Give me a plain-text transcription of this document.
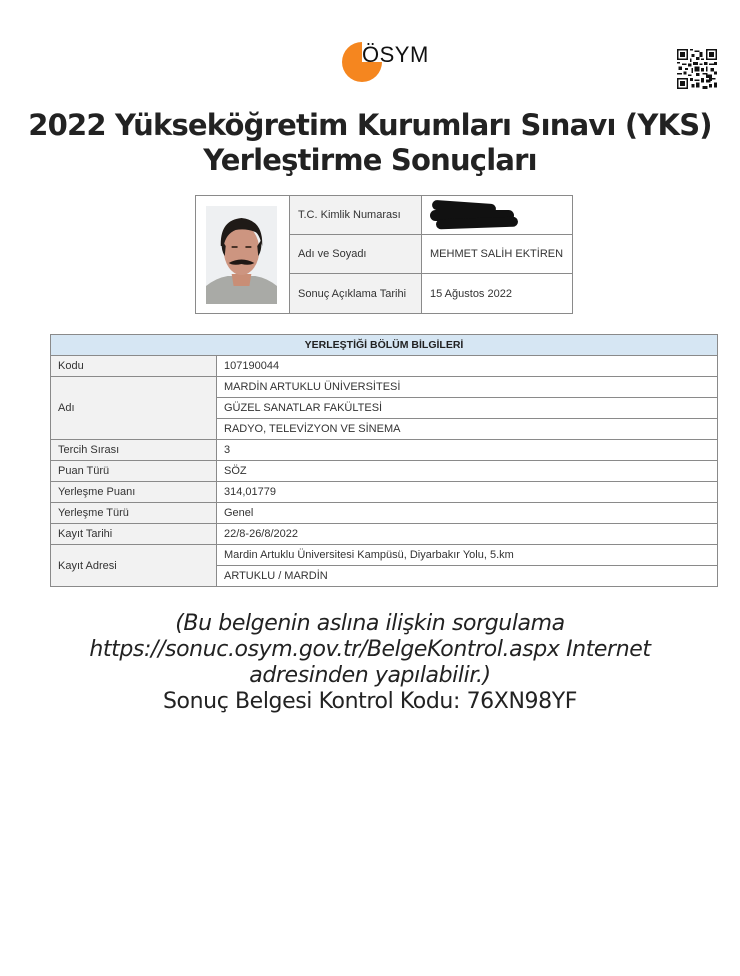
ÖSYM
2022 Yükseköğretim Kurumları Sınavı (YKS)
Yerleştirme Sonuçları
T.C. Kimlik Numarası
Adı ve Soyadı	MEHMET SALİH EKTİREN
Sonuç Açıklama Tarihi	15 Ağustos 2022
YERLEŞTİĞİ BÖLÜM BİLGİLERİ	
Kodu	107190044
Adı	MARDİN ARTUKLU ÜNİVERSİTESİ
	GÜZEL SANATLAR FAKÜLTESİ
	RADYO, TELEVİZYON VE SİNEMA
Tercih Sırası	3
Puan Türü	SÖZ
Yerleşme Puanı	314,01779
Yerleşme Türü	Genel
Kayıt Tarihi	22/8-26/8/2022
Kayıt Adresi	Mardin Artuklu Üniversitesi Kampüsü, Diyarbakır Yolu, 5.km
	ARTUKLU / MARDİN
(Bu belgenin aslına ilişkin sorgulama
https://sonuc.osym.gov.tr/BelgeKontrol.aspx Internet
adresinden yapılabilir.)
Sonuç Belgesi Kontrol Kodu: 76XN98YF
